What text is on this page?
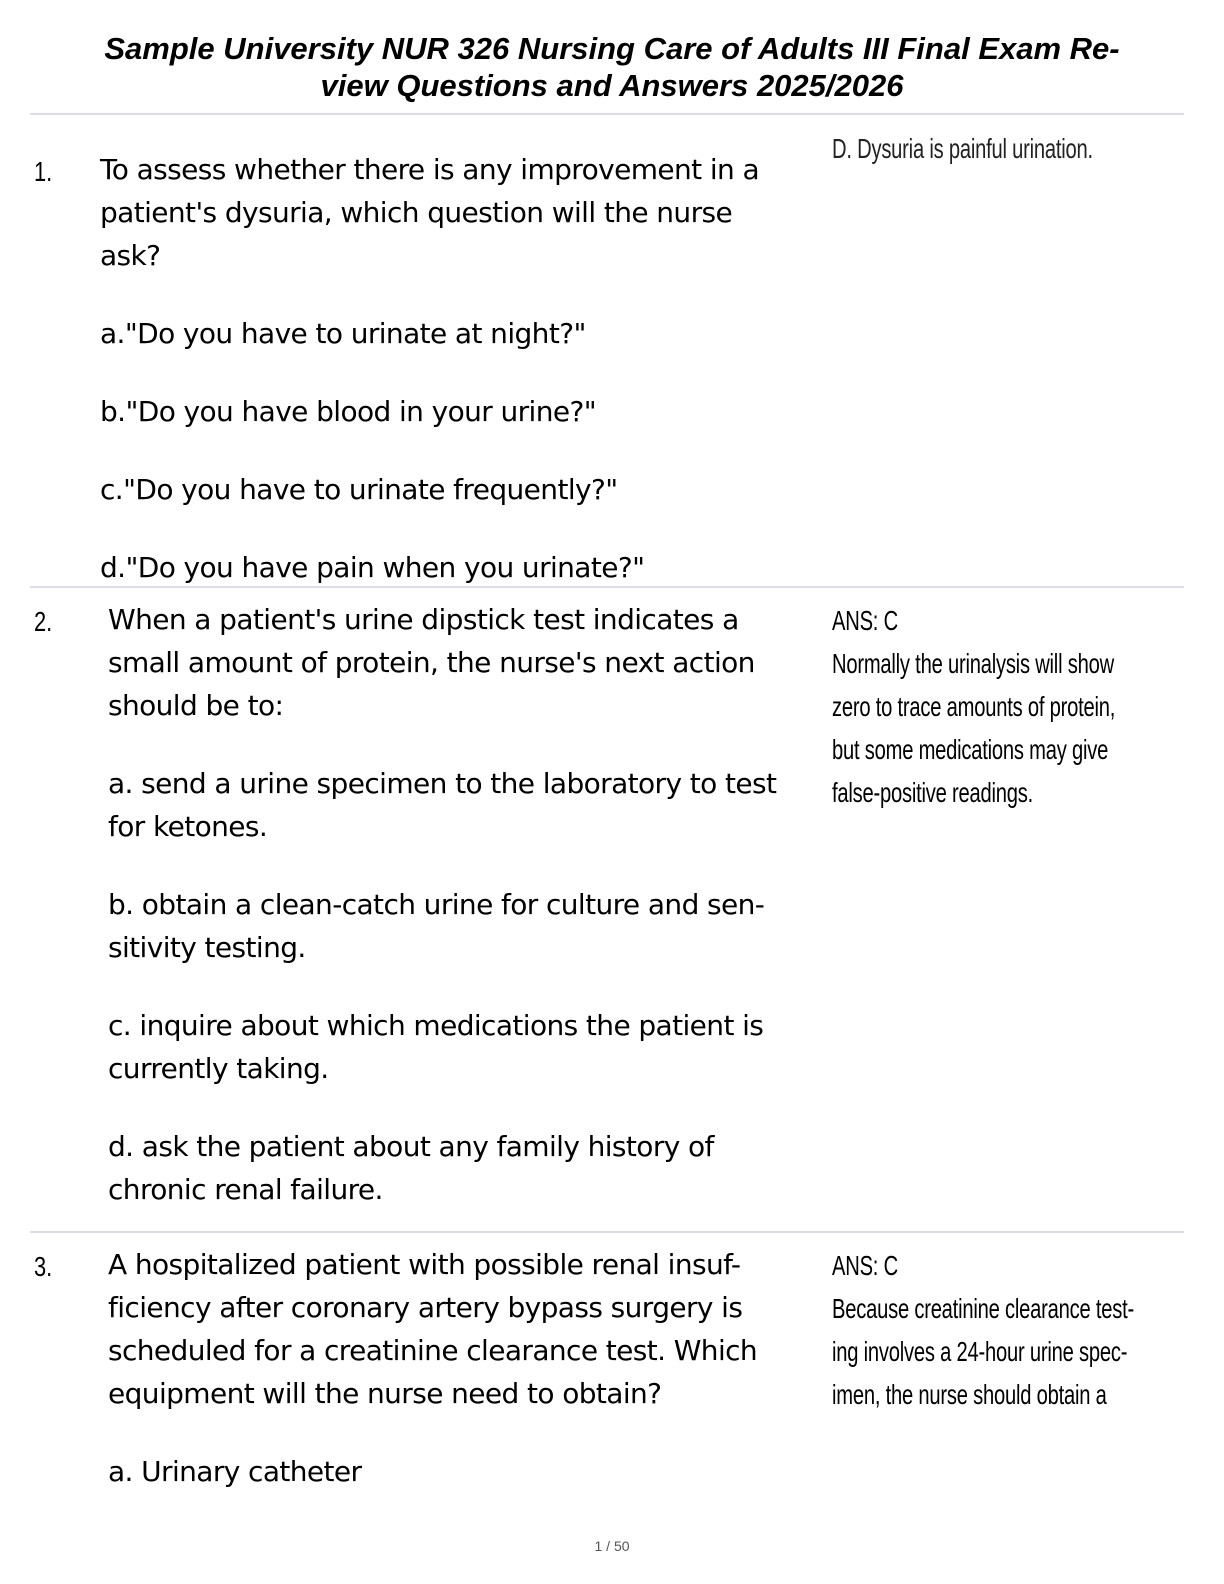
Sample University NUR 326 Nursing Care of Adults III Final Exam Re-
view Questions and Answers 2025/2026
1. To assess whether there is any improvement in a
patient's dysuria, which question will the nurse
ask?
a."Do you have to urinate at night?"
b."Do you have blood in your urine?"
c."Do you have to urinate frequently?"
d."Do you have pain when you urinate?"
D. Dysuria is painful urination.
2. When a patient's urine dipstick test indicates a
small amount of protein, the nurse's next action
should be to:
a. send a urine specimen to the laboratory to test
for ketones.
b. obtain a clean-catch urine for culture and sen-
sitivity testing.
c. inquire about which medications the patient is
currently taking.
d. ask the patient about any family history of
chronic renal failure.
ANS: C
Normally the urinalysis will show
zero to trace amounts of protein,
but some medications may give
false-positive readings.
3. A hospitalized patient with possible renal insuf-
ficiency after coronary artery bypass surgery is
scheduled for a creatinine clearance test. Which
equipment will the nurse need to obtain?
a. Urinary catheter
ANS: C
Because creatinine clearance test-
ing involves a 24-hour urine spec-
imen, the nurse should obtain a
1 / 50
